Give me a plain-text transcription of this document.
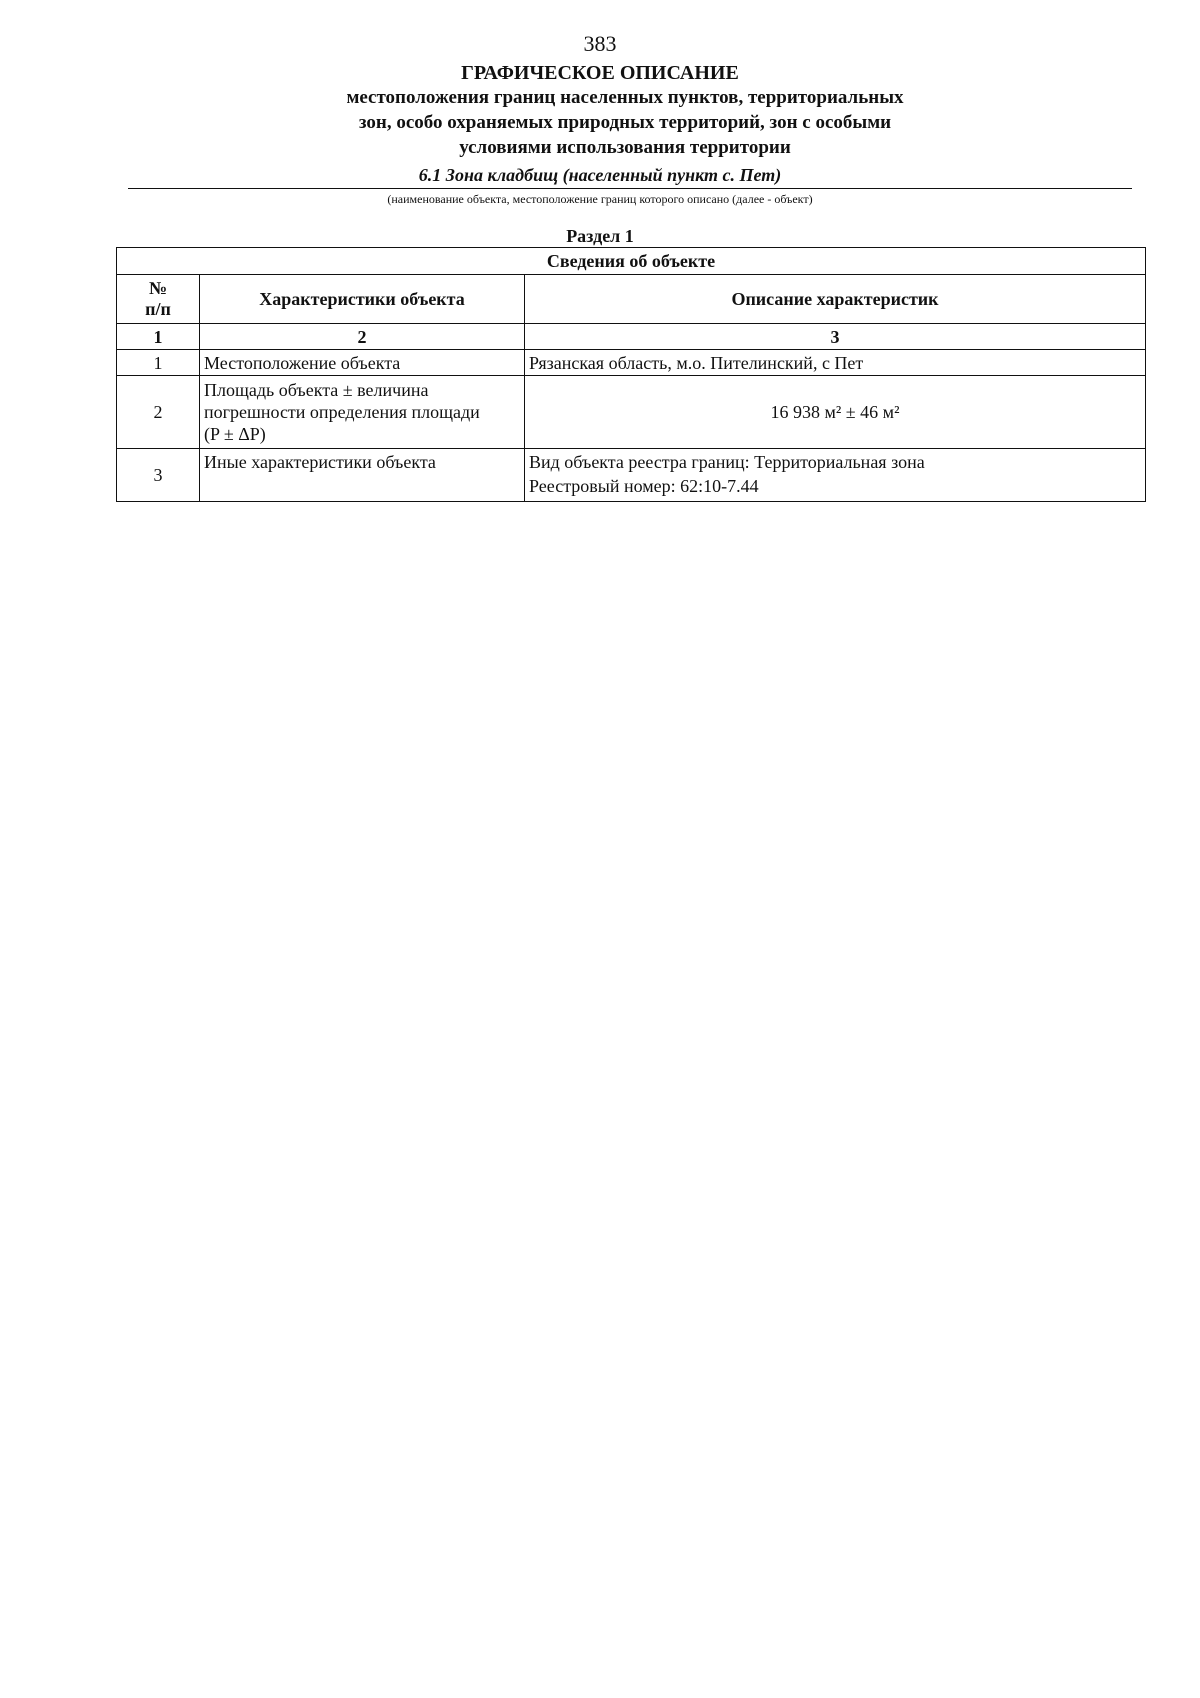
383
ГРАФИЧЕСКОЕ ОПИСАНИЕ
местоположения границ населенных пунктов, территориальных
зон, особо охраняемых природных территорий, зон с особыми
условиями использования территории
6.1 Зона кладбищ (населенный пункт с. Пет)
(наименование объекта, местоположение границ которого описано (далее - объект)
Раздел 1
Сведения об объекте		

№
п/п	Характеристики объекта	Описание характеристик
1	2	3
1	Местоположение объекта	Рязанская область, м.о. Пителинский, с Пет

2	Площадь объекта ± величина
погрешности определения площади
(P ± ΔP)	16 938 м² ± 46 м²

3	Иные характеристики объекта	Вид объекта реестра границ: Территориальная зона
Реестровый номер: 62:10-7.44
